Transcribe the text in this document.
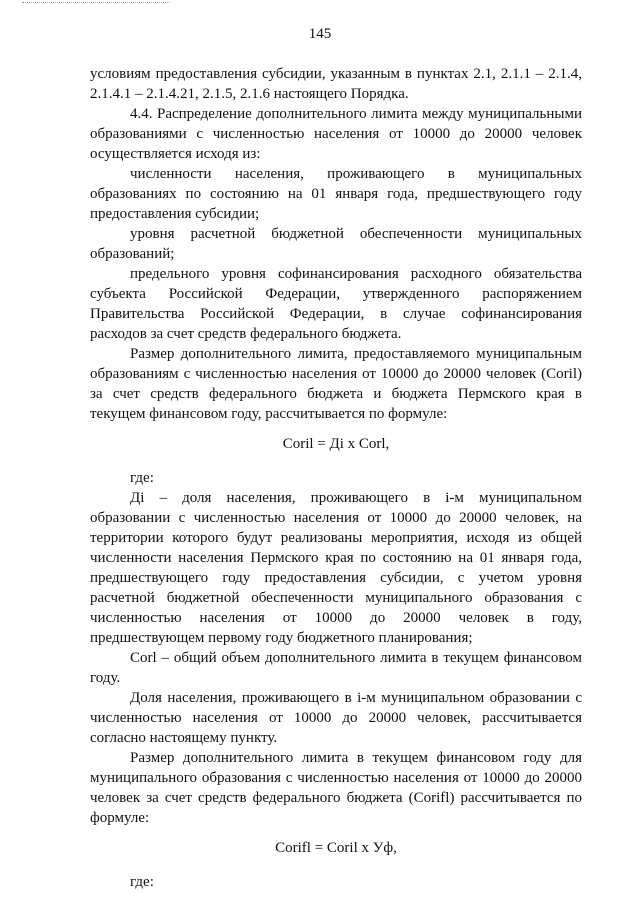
145

условиям предоставления субсидии, указанным в пунктах 2.1, 2.1.1 – 2.1.4, 2.1.4.1 – 2.1.4.21, 2.1.5, 2.1.6 настоящего Порядка.

4.4. Распределение дополнительного лимита между муниципальными образованиями с численностью населения от 10000 до 20000 человек осуществляется исходя из:

численности населения, проживающего в муниципальных образованиях по состоянию на 01 января года, предшествующего году предоставления субсидии;

уровня расчетной бюджетной обеспеченности муниципальных образований;

предельного уровня софинансирования расходного обязательства субъекта Российской Федерации, утвержденного распоряжением Правительства Российской Федерации, в случае софинансирования расходов за счет средств федерального бюджета.

Размер дополнительного лимита, предоставляемого муниципальным образованиям с численностью населения от 10000 до 20000 человек (Coril) за счет средств федерального бюджета и бюджета Пермского края в текущем финансовом году, рассчитывается по формуле:

Coril = Дi x Corl,

где:

Дi – доля населения, проживающего в i-м муниципальном образовании с численностью населения от 10000 до 20000 человек, на территории которого будут реализованы мероприятия, исходя из общей численности населения Пермского края по состоянию на 01 января года, предшествующего году предоставления субсидии, с учетом уровня расчетной бюджетной обеспеченности муниципального образования с численностью населения от 10000 до 20000 человек в году, предшествующем первому году бюджетного планирования;

Corl – общий объем дополнительного лимита в текущем финансовом году.

Доля населения, проживающего в i-м муниципальном образовании с численностью населения от 10000 до 20000 человек, рассчитывается согласно настоящему пункту.

Размер дополнительного лимита в текущем финансовом году для муниципального образования с численностью населения от 10000 до 20000 человек за счет средств федерального бюджета (Corifl) рассчитывается по формуле:

Corifl = Coril x Уф,

где:
